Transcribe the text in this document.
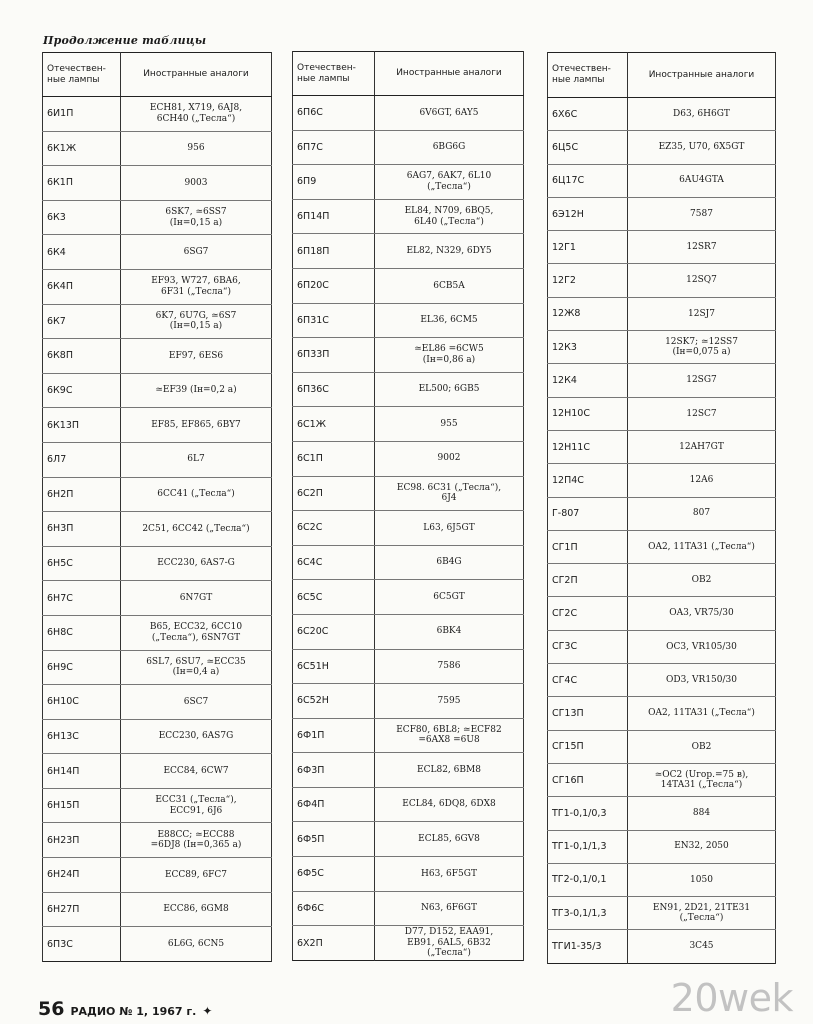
Продолжение таблицы
Отечествен-
ные лампы	Иностранные аналоги
6И1П	ECH81, X719, 6AJ8,
6CH40 („Тесла“)
6К1Ж	956
6К1П	9003
6К3	6SK7, ≃6SS7
(Iн=0,15 а)
6К4	6SG7
6К4П	EF93, W727, 6BA6,
6F31 („Тесла“)
6К7	6K7, 6U7G, ≃6S7
(Iн=0,15 а)
6К8П	EF97, 6ES6
6К9С	≃EF39 (Iн=0,2 а)
6К13П	EF85, EF865, 6BY7
6Л7	6L7
6Н2П	6CC41 („Тесла“)
6Н3П	2C51, 6CC42 („Тесла“)
6Н5С	ECC230, 6AS7-G
6Н7С	6N7GT
6Н8С	B65, ECC32, 6CC10
(„Тесла“), 6SN7GT
6Н9С	6SL7, 6SU7, ≃ECC35
(Iн=0,4 а)
6Н10С	6SC7
6Н13С	ECC230, 6AS7G
6Н14П	ECC84, 6CW7
6Н15П	ECC31 („Тесла“),
ECC91, 6J6
6Н23П	E88CC; ≃ECC88
=6DJ8 (Iн=0,365 а)
6Н24П	ECC89, 6FC7
6Н27П	ECC86, 6GM8
6П3С	6L6G, 6CN5
Отечествен-
ные лампы	Иностранные аналоги
6П6С	6V6GT, 6AY5
6П7С	6BG6G
6П9	6AG7, 6AK7, 6L10
(„Тесла“)
6П14П	EL84, N709, 6BQ5,
6L40 („Тесла“)
6П18П	EL82, N329, 6DY5
6П20С	6CB5A
6П31С	EL36, 6CM5
6П33П	≃EL86 =6CW5
(Iн=0,86 а)
6П36С	EL500; 6GB5
6С1Ж	955
6С1П	9002
6С2П	EC98. 6C31 („Тесла“),
6J4
6С2С	L63, 6J5GT
6С4С	6B4G
6С5С	6C5GT
6С20С	6BK4
6С51Н	7586
6С52Н	7595
6Ф1П	ECF80, 6BL8; ≃ECF82
=6AX8 =6U8
6Ф3П	ECL82, 6BM8
6Ф4П	ECL84, 6DQ8, 6DX8
6Ф5П	ECL85, 6GV8
6Ф5С	H63, 6F5GT
6Ф6С	N63, 6F6GT
6Х2П	D77, D152, EAA91,
EB91, 6AL5, 6B32
(„Тесла“)
Отечествен-
ные лампы	Иностранные аналоги
6Х6С	D63, 6H6GT
6Ц5С	EZ35, U70, 6X5GT
6Ц17С	6AU4GTA
6Э12Н	7587
12Г1	12SR7
12Г2	12SQ7
12Ж8	12SJ7
12К3	12SK7; ≃12SS7
(Iн=0,075 а)
12К4	12SG7
12Н10С	12SC7
12Н11С	12AH7GT
12П4С	12A6
Г-807	807
СГ1П	OA2, 11TA31 („Тесла“)
СГ2П	OB2
СГ2С	OA3, VR75/30
СГ3С	OC3, VR105/30
СГ4С	OD3, VR150/30
СГ13П	OA2, 11TA31 („Тесла“)
СГ15П	OB2
СГ16П	≃OC2 (Uгор.=75 в),
14TA31 („Тесла“)
ТГ1-0,1/0,3	884
ТГ1-0,1/1,3	EN32, 2050
ТГ2-0,1/0,1	1050
ТГ3-0,1/1,3	EN91, 2D21, 21TE31
(„Тесла“)
ТГИ1-35/3	3C45
56 РАДИО № 1, 1967 г. ✦	20wek
